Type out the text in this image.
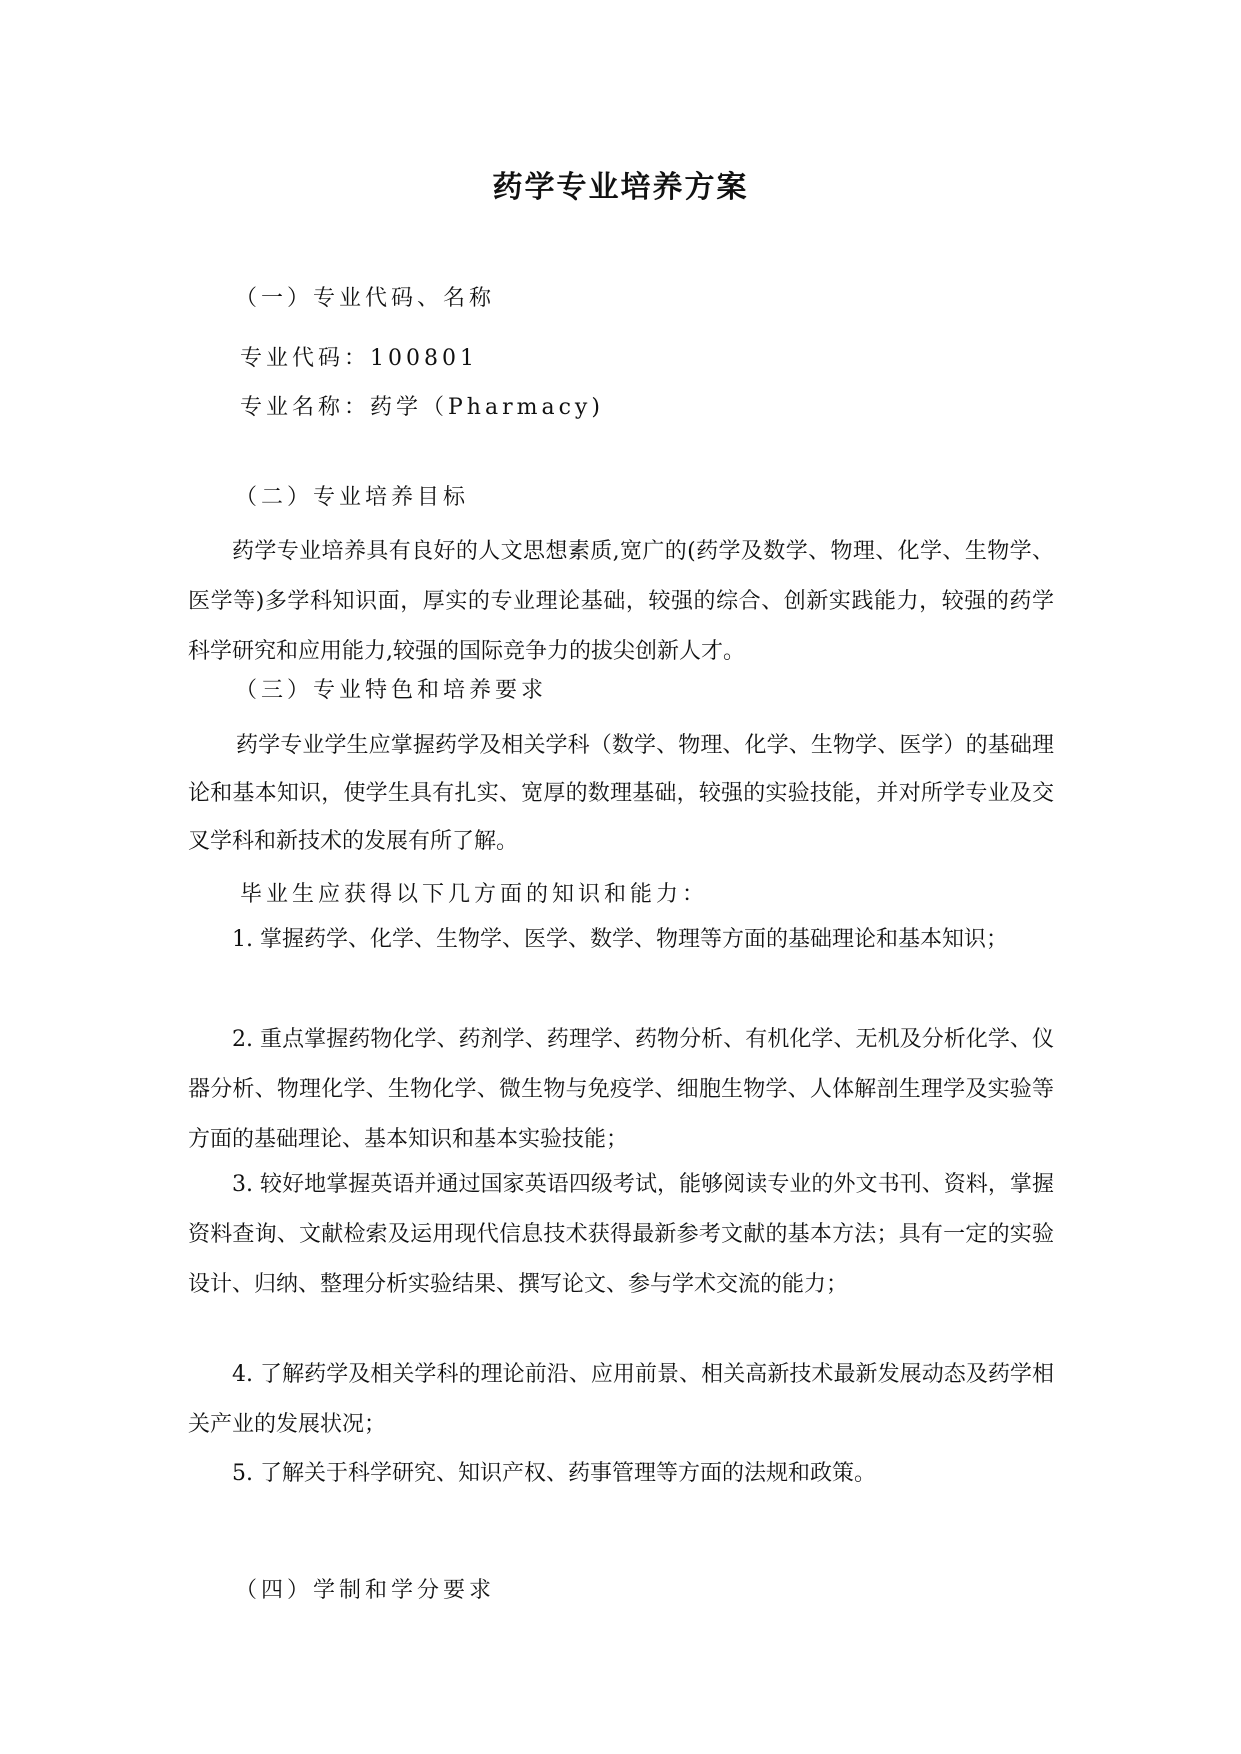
药学专业培养方案
（一）专业代码、名称
专业代码：100801
专业名称：药学（Pharmacy)
（二）专业培养目标
药学专业培养具有良好的人文思想素质,宽广的(药学及数学、物理、化学、生物学、医学等)多学科知识面，厚实的专业理论基础，较强的综合、创新实践能力，较强的药学科学研究和应用能力,较强的国际竞争力的拔尖创新人才。
（三）专业特色和培养要求
药学专业学生应掌握药学及相关学科（数学、物理、化学、生物学、医学）的基础理论和基本知识，使学生具有扎实、宽厚的数理基础，较强的实验技能，并对所学专业及交叉学科和新技术的发展有所了解。
毕业生应获得以下几方面的知识和能力：
1. 掌握药学、化学、生物学、医学、数学、物理等方面的基础理论和基本知识；
2. 重点掌握药物化学、药剂学、药理学、药物分析、有机化学、无机及分析化学、仪器分析、物理化学、生物化学、微生物与免疫学、细胞生物学、人体解剖生理学及实验等方面的基础理论、基本知识和基本实验技能；
3. 较好地掌握英语并通过国家英语四级考试，能够阅读专业的外文书刊、资料，掌握资料查询、文献检索及运用现代信息技术获得最新参考文献的基本方法；具有一定的实验设计、归纳、整理分析实验结果、撰写论文、参与学术交流的能力；
4. 了解药学及相关学科的理论前沿、应用前景、相关高新技术最新发展动态及药学相关产业的发展状况；
5. 了解关于科学研究、知识产权、药事管理等方面的法规和政策。
（四）学制和学分要求
